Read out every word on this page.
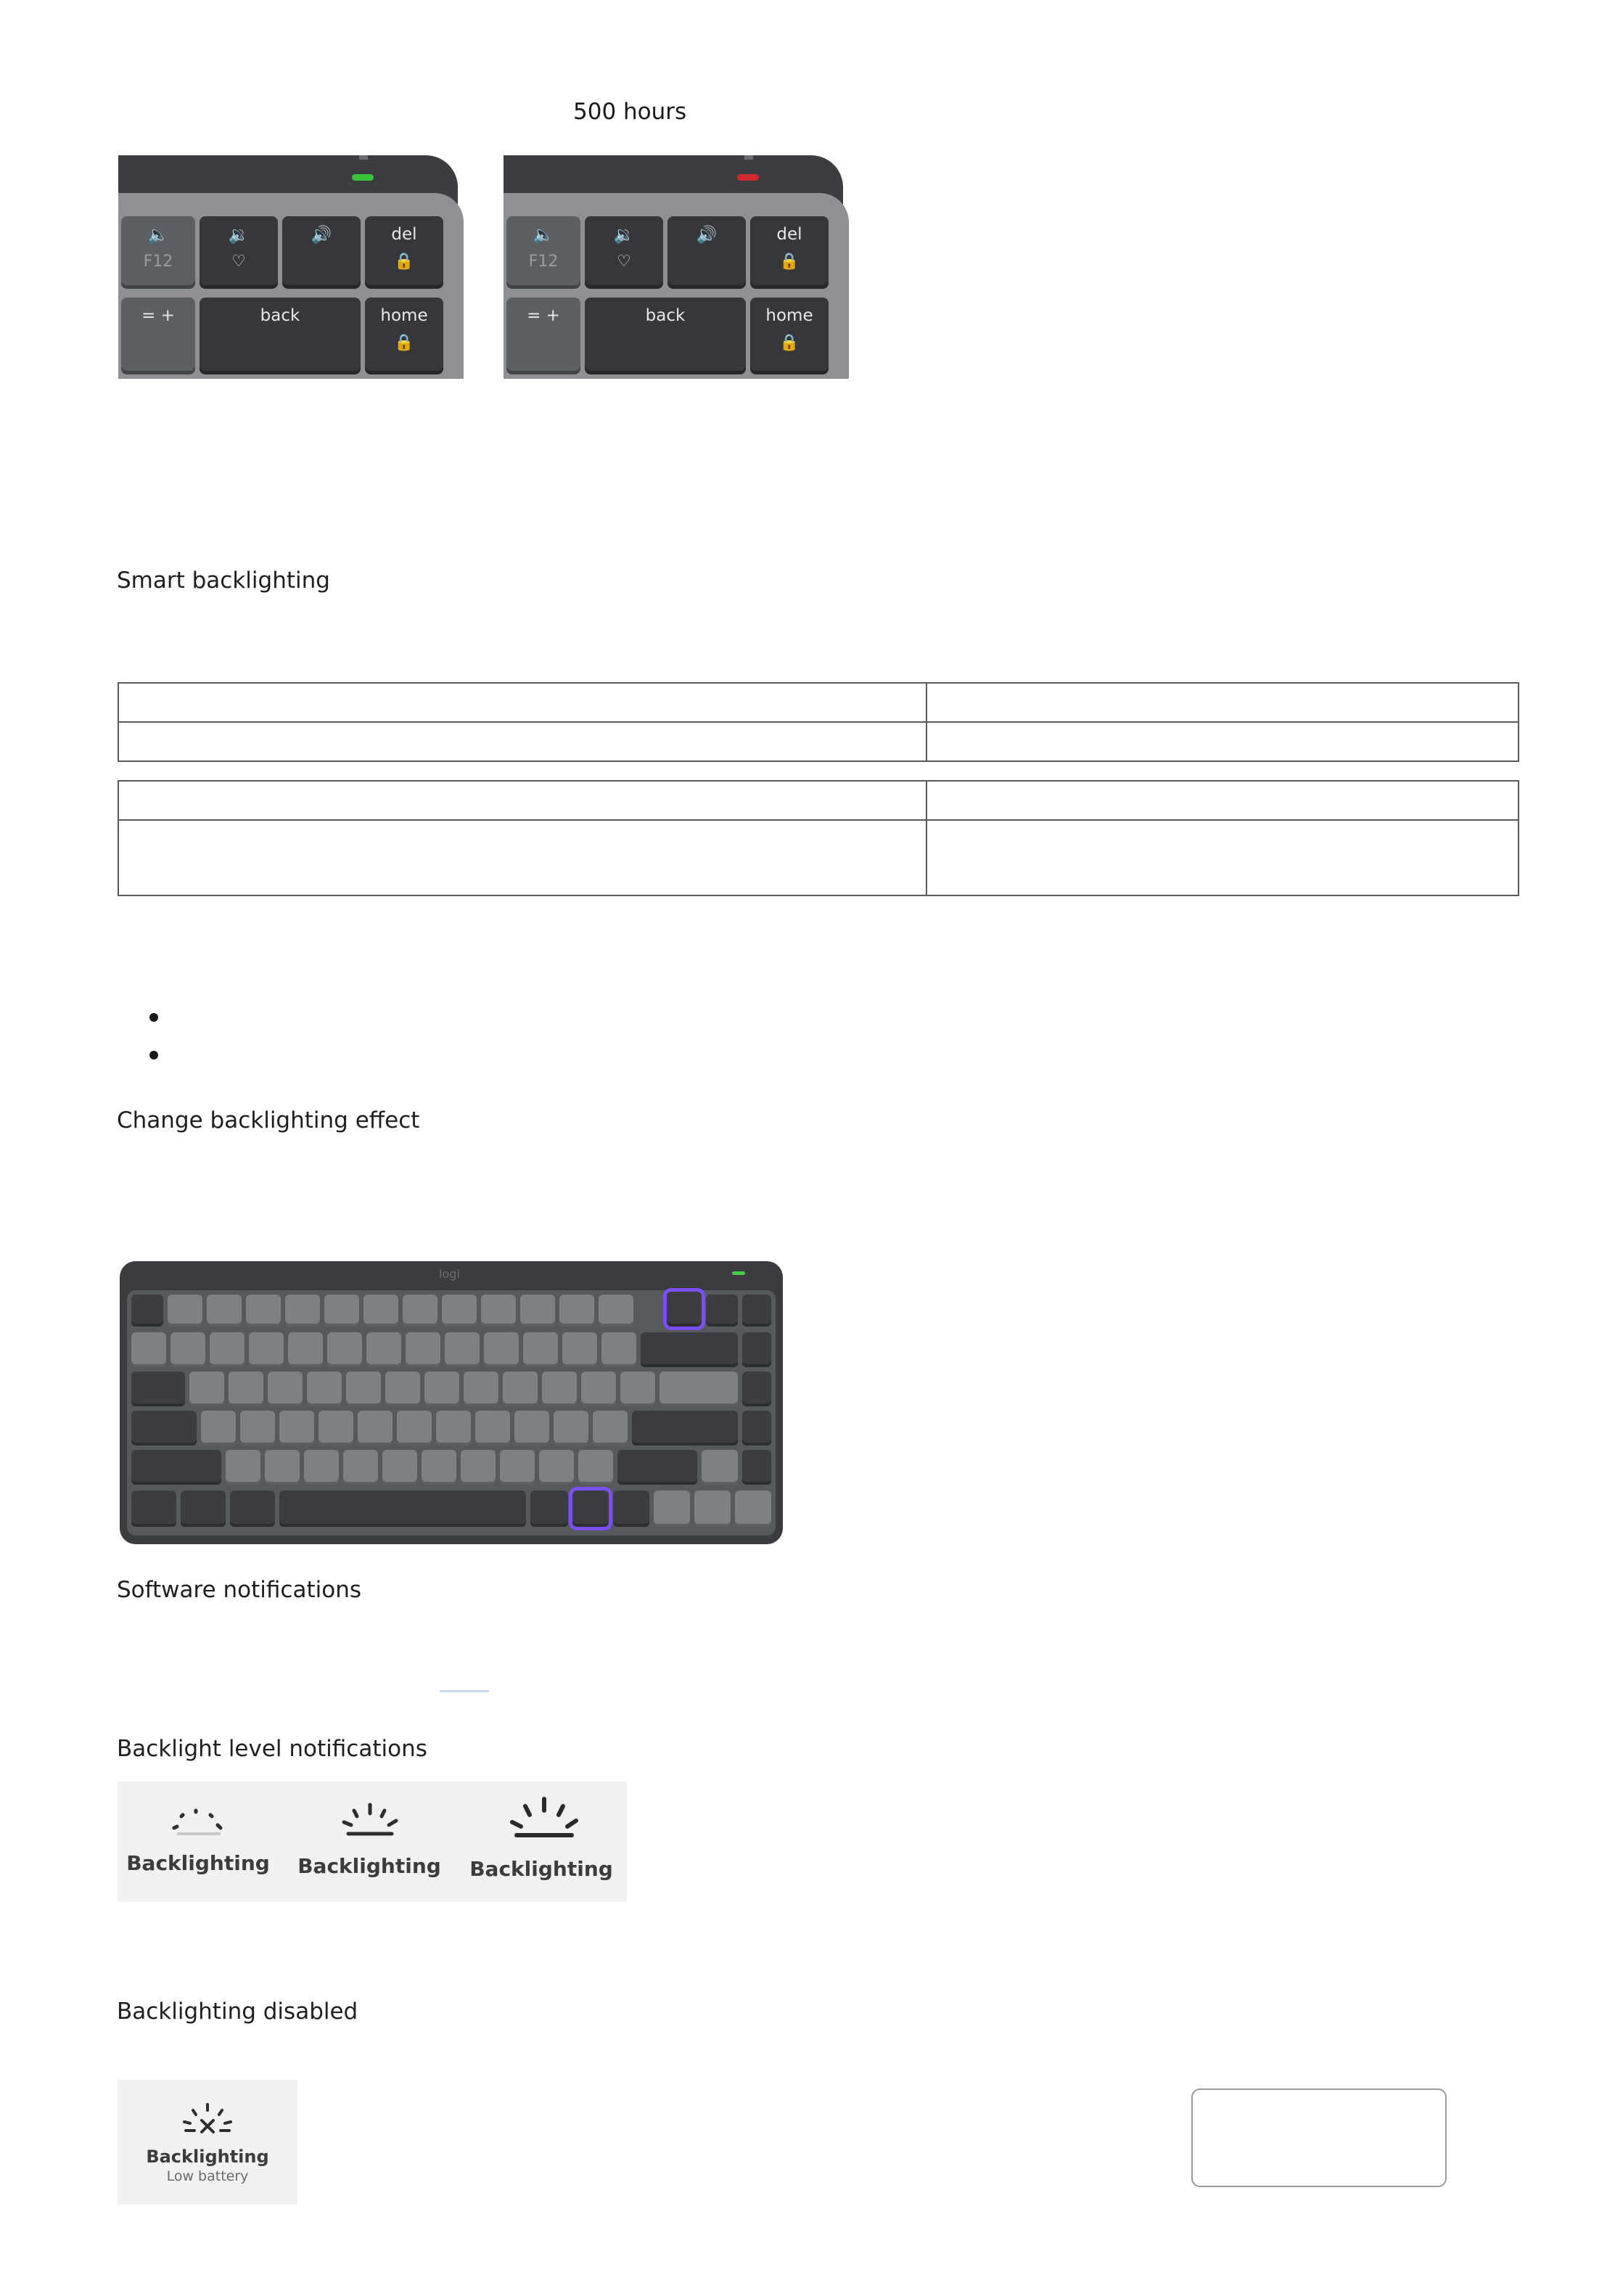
500 hours
🔈
F12
🔉
♡
🔊	del
🔒
= +	back	home
🔒
🔈
F12
🔉
♡
🔊	del
🔒
= +	back	home
🔒
Smart backlighting

Change backlighting effect
logi
Software notifications
Backlight level notifications
Backlighting	Backlighting	Backlighting
Backlighting disabled
Backlighting
Low battery
